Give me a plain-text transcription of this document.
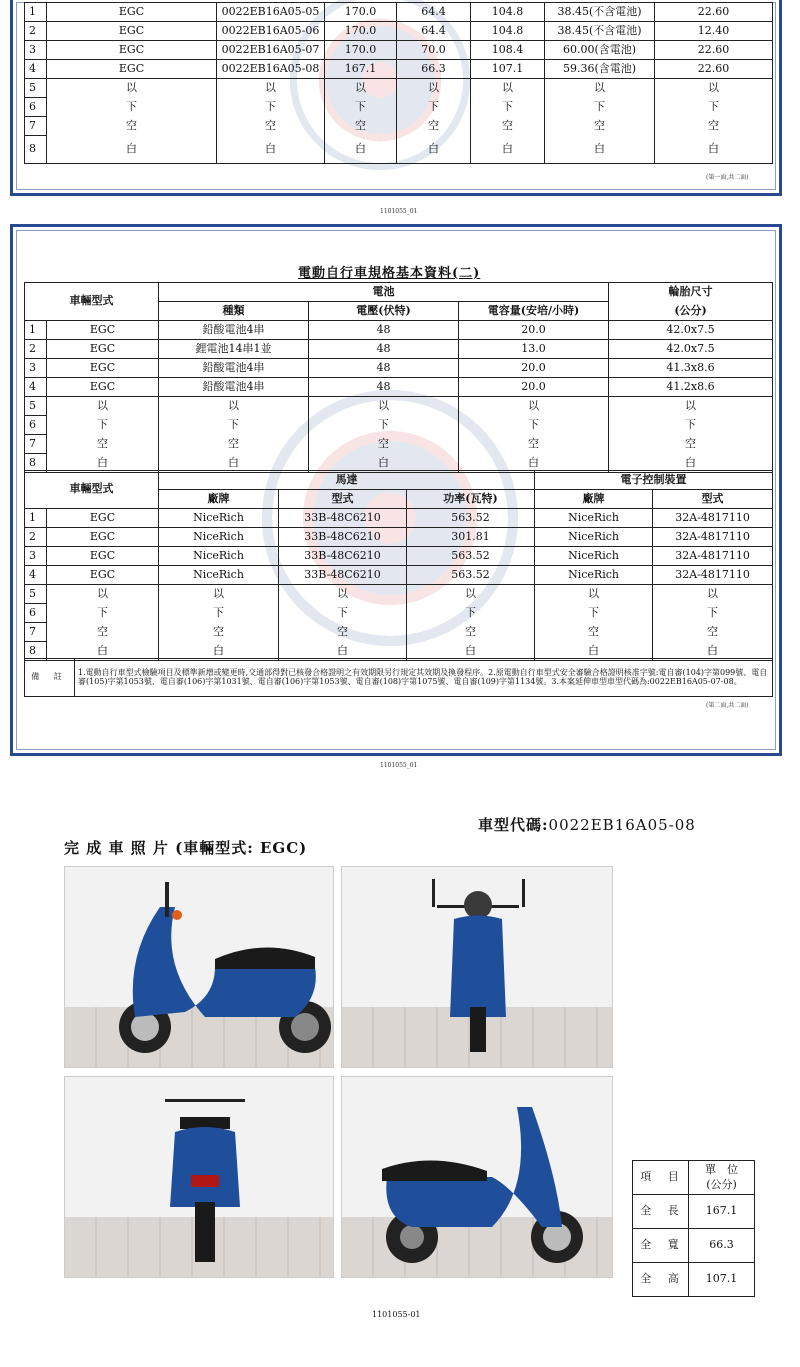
1	EGC	0022EB16A05-05	170.0	64.4	104.8	38.45(不含電池)	22.60
2	EGC	0022EB16A05-06	170.0	64.4	104.8	38.45(不含電池)	12.40
3	EGC	0022EB16A05-07	170.0	70.0	108.4	60.00(含電池)	22.60
4	EGC	0022EB16A05-08	167.1	66.3	107.1	59.36(含電池)	22.60
5	以	以	以	以	以	以	以
6	下	下	下	下	下	下	下
7	空	空	空	空	空	空	空
8	白	白	白	白	白	白	白
(第一面,共二面)
1101055_01
電動自行車規格基本資料(二)
車輛型式		電池			輪胎尺寸
		種類	電壓(伏特)	電容量(安培/小時)	(公分)
1	EGC	鉛酸電池4串	48	20.0	42.0x7.5
2	EGC	鋰電池14串1並	48	13.0	42.0x7.5
3	EGC	鉛酸電池4串	48	20.0	41.3x8.6
4	EGC	鉛酸電池4串	48	20.0	41.2x8.6
5	以	以	以	以	以
6	下	下	下	下	下
7	空	空	空	空	空
8	白	白	白	白	白
車輛型式		馬達			電子控制裝置	
		廠牌	型式	功率(瓦特)	廠牌	型式
1	EGC	NiceRich	33B-48C6210	563.52	NiceRich	32A-4817110
2	EGC	NiceRich	33B-48C6210	301.81	NiceRich	32A-4817110
3	EGC	NiceRich	33B-48C6210	563.52	NiceRich	32A-4817110
4	EGC	NiceRich	33B-48C6210	563.52	NiceRich	32A-4817110
5	以	以	以	以	以	以
6	下	下	下	下	下	下
7	空	空	空	空	空	空
8	白	白	白	白	白	白
備 註	1.電動自行車型式檢驗項目及標準新增或變更時,交通部得對已核發合格證明之有效期限另行規定其效期及換發程序。2.原電動自行車型式安全審驗合格證明核准字號:電自審(104)字第099號、電自審(105)字第1053號、電自審(106)字第1031號、電自審(106)字第1053號、電自審(108)字第1075號、電自審(109)字第1134號。3.本案延伸車型車型代碼為:0022EB16A05-07-08。
(第二面,共二面)
1101055_01
車型代碼:0022EB16A05-08
完 成 車 照 片 (車輛型式: EGC)
項	目	單　位
(公分)

全	長	167.1
全	寬	66.3
全	高	107.1
1101055-01
